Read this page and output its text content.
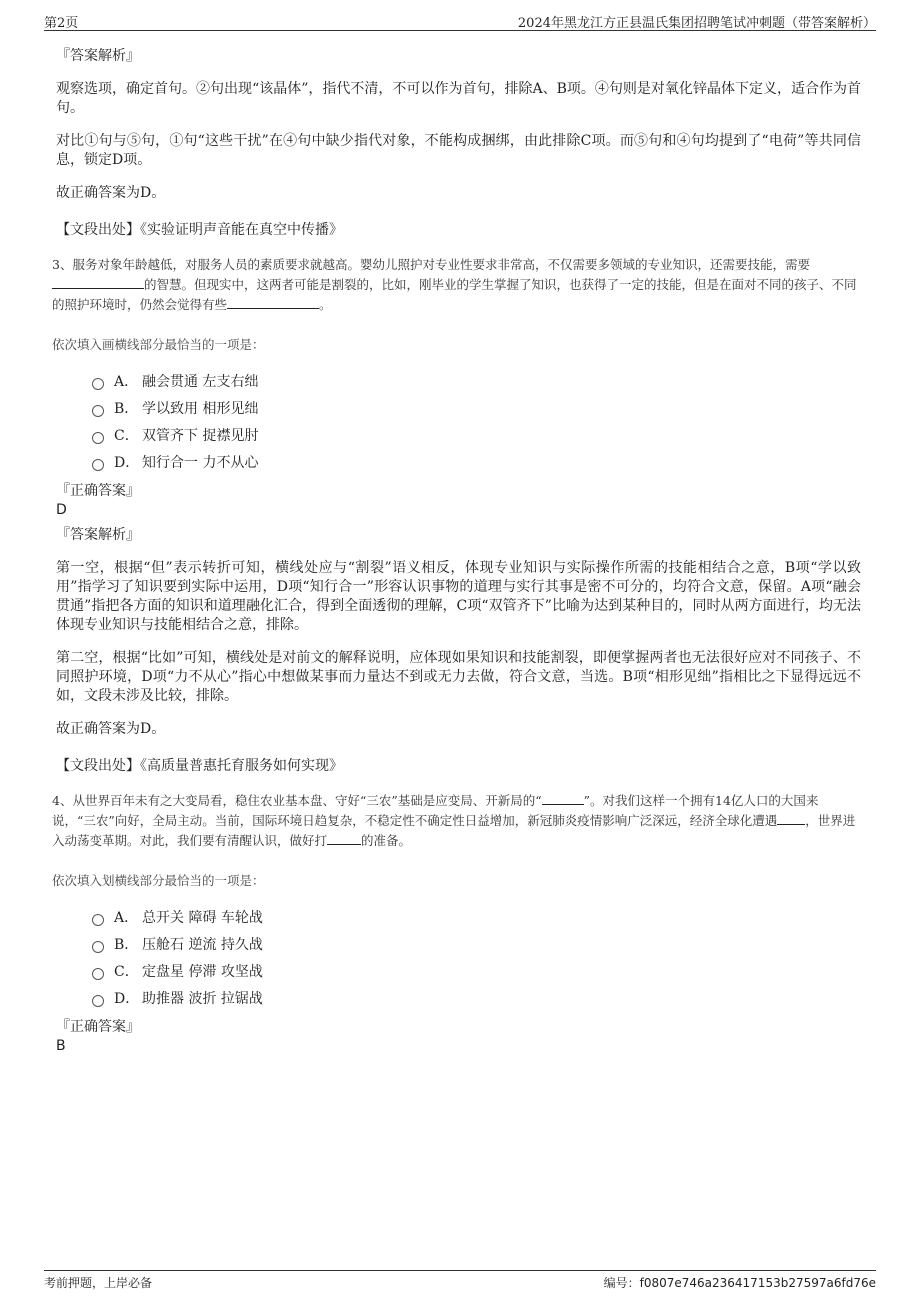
第2页	2024年黑龙江方正县温氏集团招聘笔试冲刺题（带答案解析）

『答案解析』

观察选项，确定首句。②句出现“该晶体”，指代不清，不可以作为首句，排除A、B项。④句则是对氧化锌晶体下定义，适合作为首句。

对比①句与⑤句，①句“这些干扰”在④句中缺少指代对象，不能构成捆绑，由此排除C项。而⑤句和④句均提到了“电荷”等共同信息，锁定D项。

故正确答案为D。

【文段出处】《实验证明声音能在真空中传播》

3、服务对象年龄越低，对服务人员的素质要求就越高。婴幼儿照护对专业性要求非常高，不仅需要多领域的专业知识，还需要技能，需要的智慧。但现实中，这两者可能是割裂的，比如，刚毕业的学生掌握了知识，也获得了一定的技能，但是在面对不同的孩子、不同的照护环境时，仍然会觉得有些	。

依次填入画横线部分最恰当的一项是：

A． 融会贯通 左支右绌
B． 学以致用 相形见绌
C． 双管齐下 捉襟见肘
D． 知行合一 力不从心

『正确答案』

D

『答案解析』

第一空，根据“但”表示转折可知，横线处应与“割裂”语义相反，体现专业知识与实际操作所需的技能相结合之意，B项“学以致用”指学习了知识要到实际中运用，D项“知行合一”形容认识事物的道理与实行其事是密不可分的，均符合文意，保留。A项“融会贯通”指把各方面的知识和道理融化汇合，得到全面透彻的理解，C项“双管齐下”比喻为达到某种目的，同时从两方面进行，均无法体现专业知识与技能相结合之意，排除。

第二空，根据“比如”可知，横线处是对前文的解释说明，应体现如果知识和技能割裂，即便掌握两者也无法很好应对不同孩子、不同照护环境，D项“力不从心”指心中想做某事而力量达不到或无力去做，符合文意，当选。B项“相形见绌”指相比之下显得远远不如，文段未涉及比较，排除。

故正确答案为D。

【文段出处】《高质量普惠托育服务如何实现》

4、从世界百年未有之大变局看，稳住农业基本盘、守好“三农”基础是应变局、开新局的“	”。对我们这样一个拥有14亿人口的大国来说，“三农”向好，全局主动。当前，国际环境日趋复杂，不稳定性不确定性日益增加，新冠肺炎疫情影响广泛深远，经济全球化遭遇 ，世界进入动荡变革期。对此，我们要有清醒认识，做好打	的准备。

依次填入划横线部分最恰当的一项是：

A． 总开关 障碍 车轮战
B． 压舱石 逆流 持久战
C． 定盘星 停滞 攻坚战
D． 助推器 波折 拉锯战

『正确答案』

B

考前押题，上岸必备	编号：f0807e746a236417153b27597a6fd76e
